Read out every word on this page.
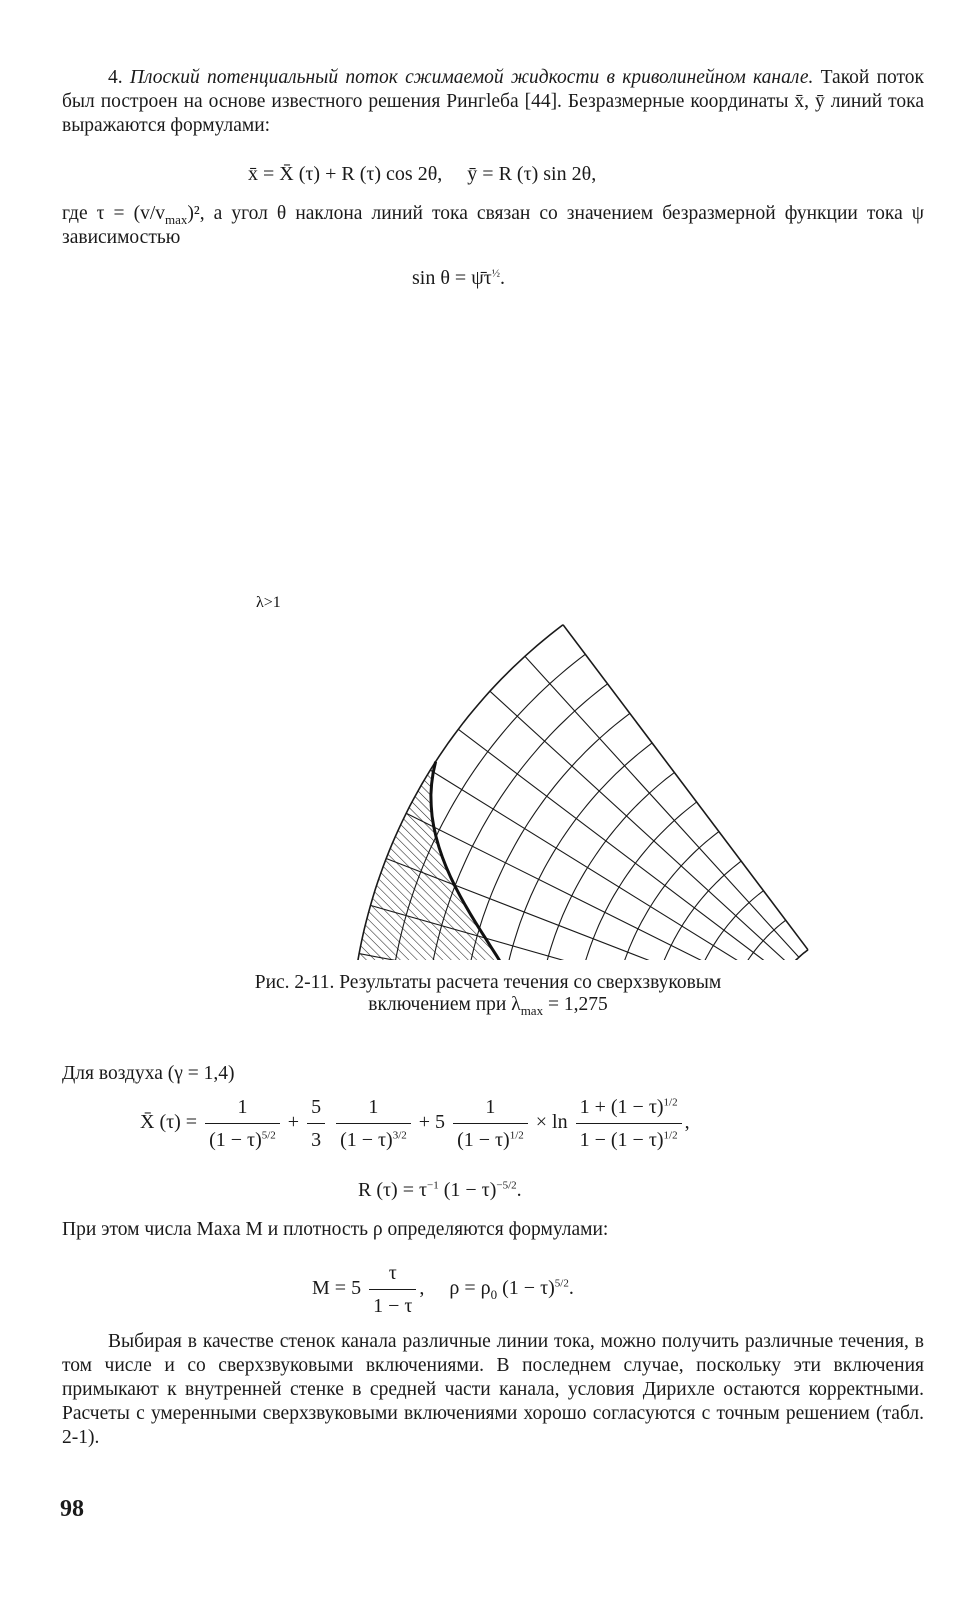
4. Плоский потенциальный поток сжимаемой жидкости в криволинейном канале. Такой поток был построен на основе известного решения Рингleба [44]. Безразмерные координаты x̄, ȳ линий тока выражаются формулами:

x̄ = X̄ (τ) + R (τ) cos 2θ, ȳ = R (τ) sin 2θ,

где $\tau = (v/v_{max})^2$, а угол θ наклона линий тока связан со значением безразмерной функции тока ψ зависимостью

$\sin \theta = \psī\tau^{\frac{1}{2}}$.
λ>1

Рис. 2-11. Результаты расчета течения со сверхзвуковым
включением при $\lambda_{max} = 1,275$

Для воздуха (γ = 1,4)
X̄ $(\tau) = \frac{1}{(1 - \tau)^{5/2}} + \frac{5}{3}$
$\frac{1}{(1 - \tau)^{3/2}} + 5 \frac{1}{(1 - \tau)^{1/2}} \times \ln \frac{1 + (1 - \tau)^{1/2}}{1 - (1 - \tau)^{1/2}}$ ,
R $(\tau) = \tau^{-1}$ $(1 - \tau)^{-5/2}$.

При этом числа Маха М и плотность ρ определяются формулами:

$M = 5 \frac{\tau}{1 - \tau}$ , $\rho = \rho_0$ $(1 - \tau)^{5/2}$.

Выбирая в качестве стенок канала различные линии тока, можно получить различные течения, в том числе и со сверхзвуковыми включениями. В последнем случае, поскольку эти включения примыкают к внутренней стенке в средней части канала, условия Дирихле остаются корректными. Расчеты с умеренными сверхзвуковыми включениями хорошо согласуются с точным решением (табл. 2-1).

98
